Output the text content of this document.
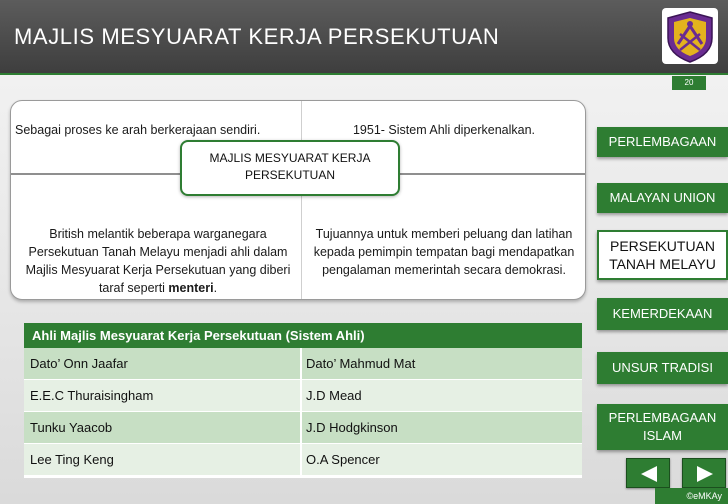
MAJLIS MESYUARAT KERJA PERSEKUTUAN
20
Sebagai proses ke arah berkerajaan sendiri.	1951- Sistem Ahli diperkenalkan.
British melantik beberapa warganegara Persekutuan Tanah Melayu menjadi ahli dalam Majlis Mesyuarat Kerja Persekutuan yang diberi taraf seperti menteri.
Tujuannya untuk memberi peluang dan latihan kepada pemimpin tempatan bagi mendapatkan pengalaman memerintah secara demokrasi.
MAJLIS MESYUARAT KERJA PERSEKUTUAN
Ahli Majlis Mesyuarat Kerja Persekutuan (Sistem Ahli)
Dato’ Onn Jaafar	Dato’ Mahmud Mat
E.E.C Thuraisingham	J.D Mead
Tunku Yaacob	J.D Hodgkinson
Lee Ting Keng	O.A Spencer
PERLEMBAGAAN
MALAYAN UNION
PERSEKUTUAN TANAH MELAYU
KEMERDEKAAN
UNSUR TRADISI
PERLEMBAGAAN ISLAM
©eMKAy
